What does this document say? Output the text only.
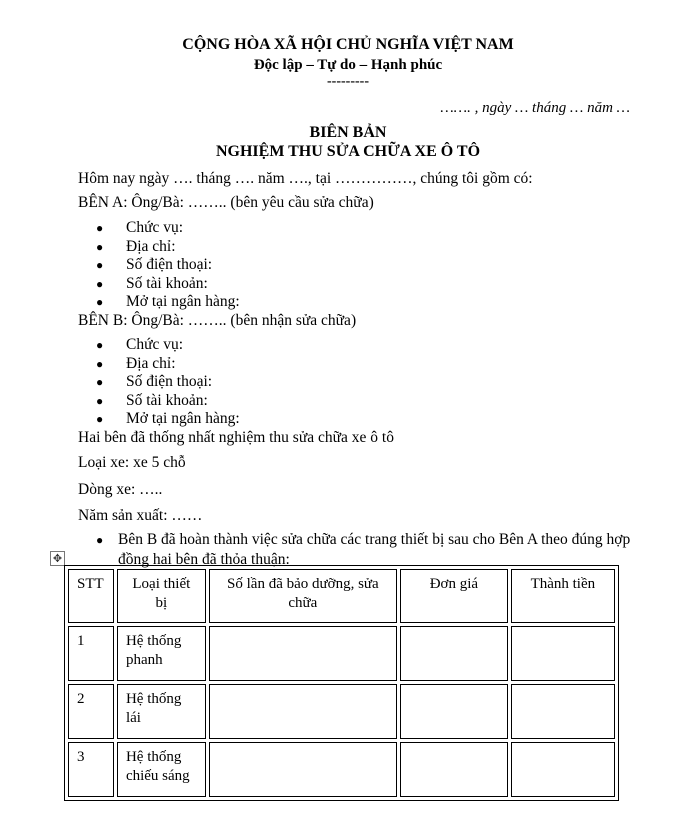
CỘNG HÒA XÃ HỘI CHỦ NGHĨA VIỆT NAM
Độc lập – Tự do – Hạnh phúc
---------
……. , ngày … tháng … năm …
BIÊN BẢN
NGHIỆM THU SỬA CHỮA XE Ô TÔ
Hôm nay ngày …. tháng …. năm …., tại ……………, chúng tôi gồm có:
BÊN A: Ông/Bà: …….. (bên yêu cầu sửa chữa)
● Chức vụ:
● Địa chỉ:
● Số điện thoại:
● Số tài khoản:
● Mở tại ngân hàng:
BÊN B: Ông/Bà: …….. (bên nhận sửa chữa)
● Chức vụ:
● Địa chỉ:
● Số điện thoại:
● Số tài khoản:
● Mở tại ngân hàng:
Hai bên đã thống nhất nghiệm thu sửa chữa xe ô tô
Loại xe: xe 5 chỗ
Dòng xe: …..
Năm sản xuất: ……
● Bên B đã hoàn thành việc sửa chữa các trang thiết bị sau cho Bên A theo đúng hợp đồng hai bên đã thỏa thuận:
✥
STT	Loại thiết bị	Số lần đã bảo dưỡng, sửa chữa	Đơn giá	Thành tiền
1	Hệ thống phanh			
2	Hệ thống lái			
3	Hệ thống chiếu sáng			
